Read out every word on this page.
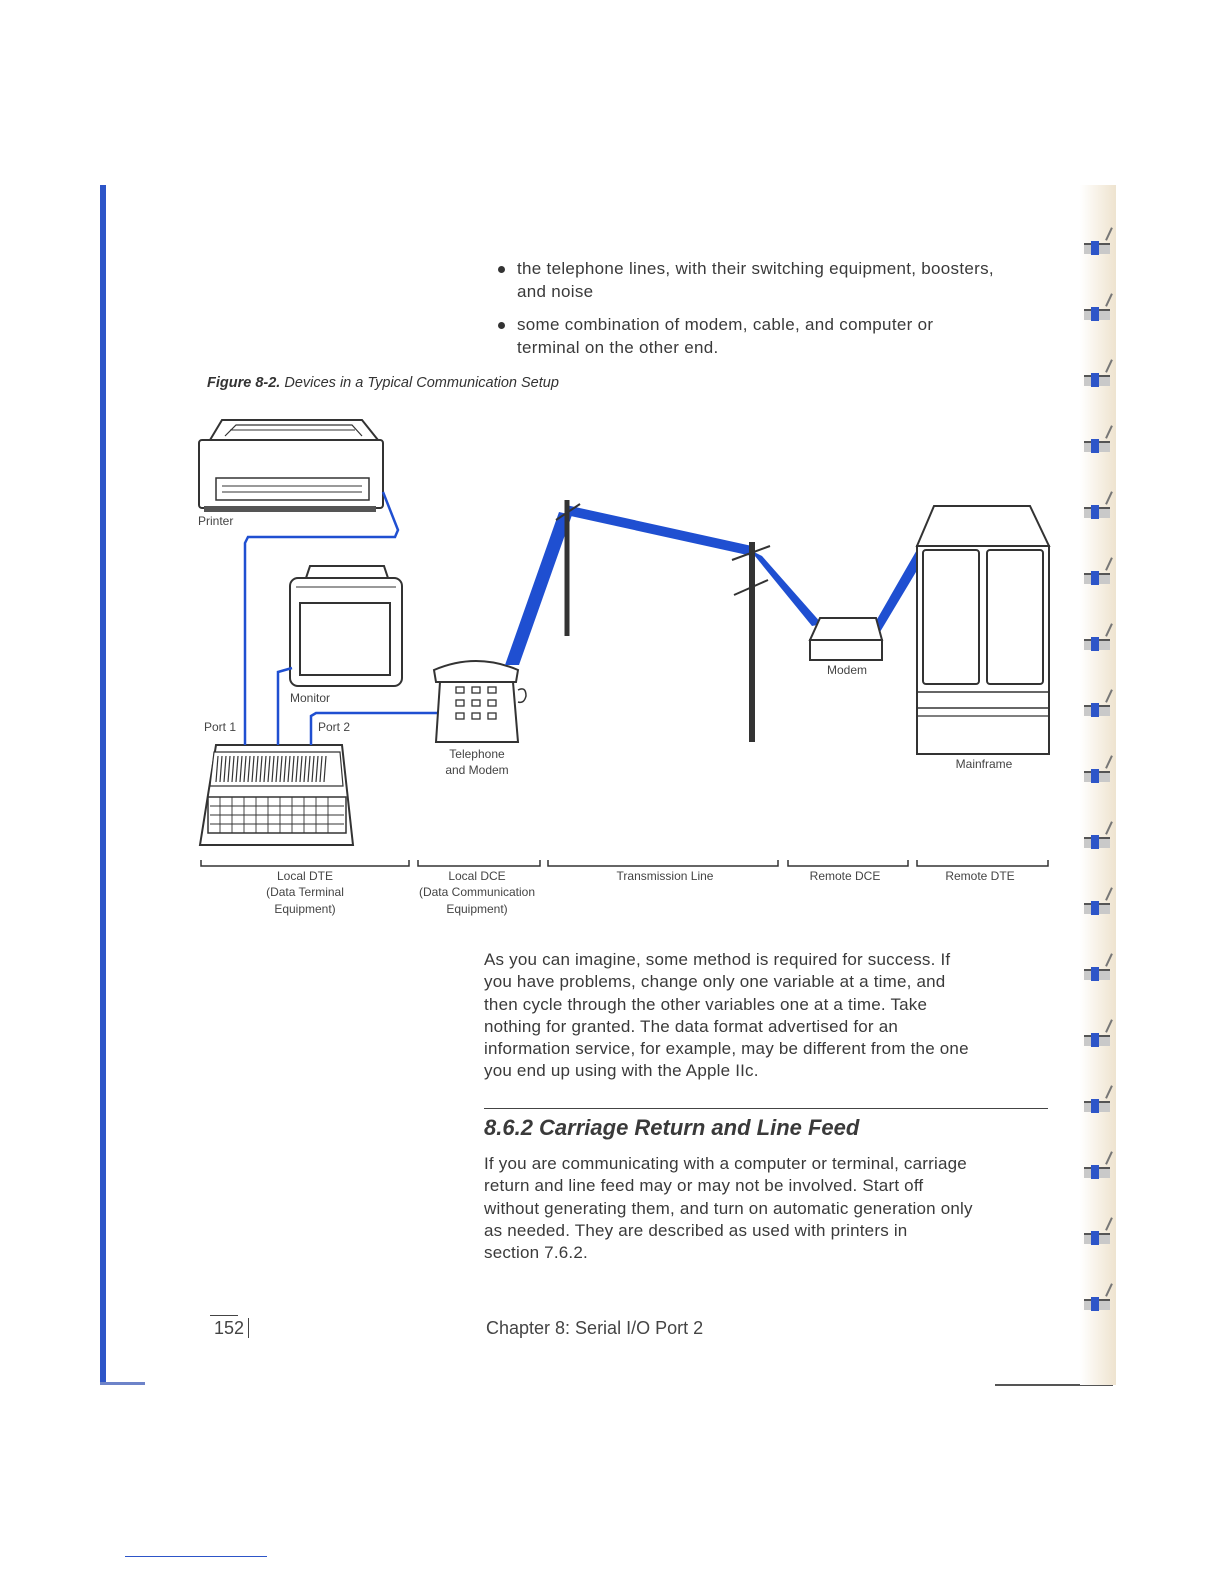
the telephone lines, with their switching equipment, boosters,
and noise
some combination of modem, cable, and computer or
terminal on the other end.
Figure 8-2. Devices in a Typical Communication Setup
Printer
Monitor
Port 1	Port 2
Telephone
and Modem
Modem
Mainframe
Local DTE
(Data Terminal
Equipment)
Local DCE
(Data Communication
Equipment)
Transmission Line	Remote DCE	Remote DTE

As you can imagine, some method is required for success. If
you have problems, change only one variable at a time, and
then cycle through the other variables one at a time. Take
nothing for granted. The data format advertised for an
information service, for example, may be different from the one
you end up using with the Apple IIc.

8.6.2 Carriage Return and Line Feed

If you are communicating with a computer or terminal, carriage
return and line feed may or may not be involved. Start off
without generating them, and turn on automatic generation only
as needed. They are described as used with printers in
section 7.6.2.

152	Chapter 8: Serial I/O Port 2
